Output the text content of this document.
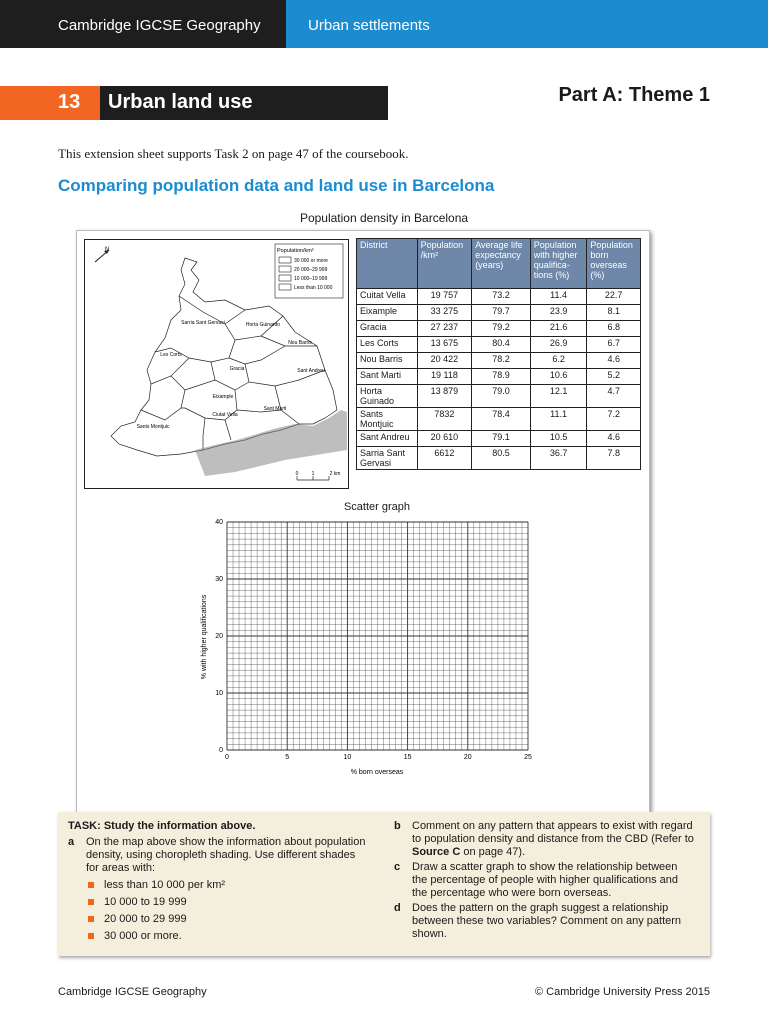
Cambridge IGCSE Geography	Urban settlements
13	Urban land use	Part A: Theme 1
This extension sheet supports Task 2 on page 47 of the coursebook.
Comparing population data and land use in Barcelona
Population density in Barcelona
N	Population/km²
30 000 or more
20 000–29 999
10 000–19 999
Less than 10 000
Sarria Sant Gervasi	Horta Guinardo
Nou Barris
Les Corts
Gracia	Sant Andreu
Eixample
Ciutat Vella
Sant Marti
Sants Montjuic
0	1	2 km
District	Population /km²	Average life expectancy (years)	Population with higher qualifica-tions (%)	Population born overseas (%)
Cuitat Vella	19 757	73.2	11.4	22.7
Eixample	33 275	79.7	23.9	8.1
Gracia	27 237	79.2	21.6	6.8
Les Corts	13 675	80.4	26.9	6.7
Nou Barris	20 422	78.2	6.2	4.6
Sant Marti	19 118	78.9	10.6	5.2
Horta Guinado	13 879	79.0	12.1	4.7
Sants Montjuic	7832	78.4	11.1	7.2
Sant Andreu	20 610	79.1	10.5	4.6
Sarria Sant Gervasi	6612	80.5	36.7	7.8
Scatter graph
0	5	10	15	20	25
0
10
20
30
40
% born overseas
% with higher qualifications
TASK: Study the information above.
a On the map above show the information about population density, using choropleth shading. Use different shades for areas with:
less than 10 000 per km²
10 000 to 19 999
20 000 to 29 999
30 000 or more.
b Comment on any pattern that appears to exist with regard to population density and distance from the CBD (Refer to Source C on page 47).
c Draw a scatter graph to show the relationship between the percentage of people with higher qualifications and the percentage who were born overseas.
d Does the pattern on the graph suggest a relationship between these two variables? Comment on any pattern shown.
Cambridge IGCSE Geography	© Cambridge University Press 2015
